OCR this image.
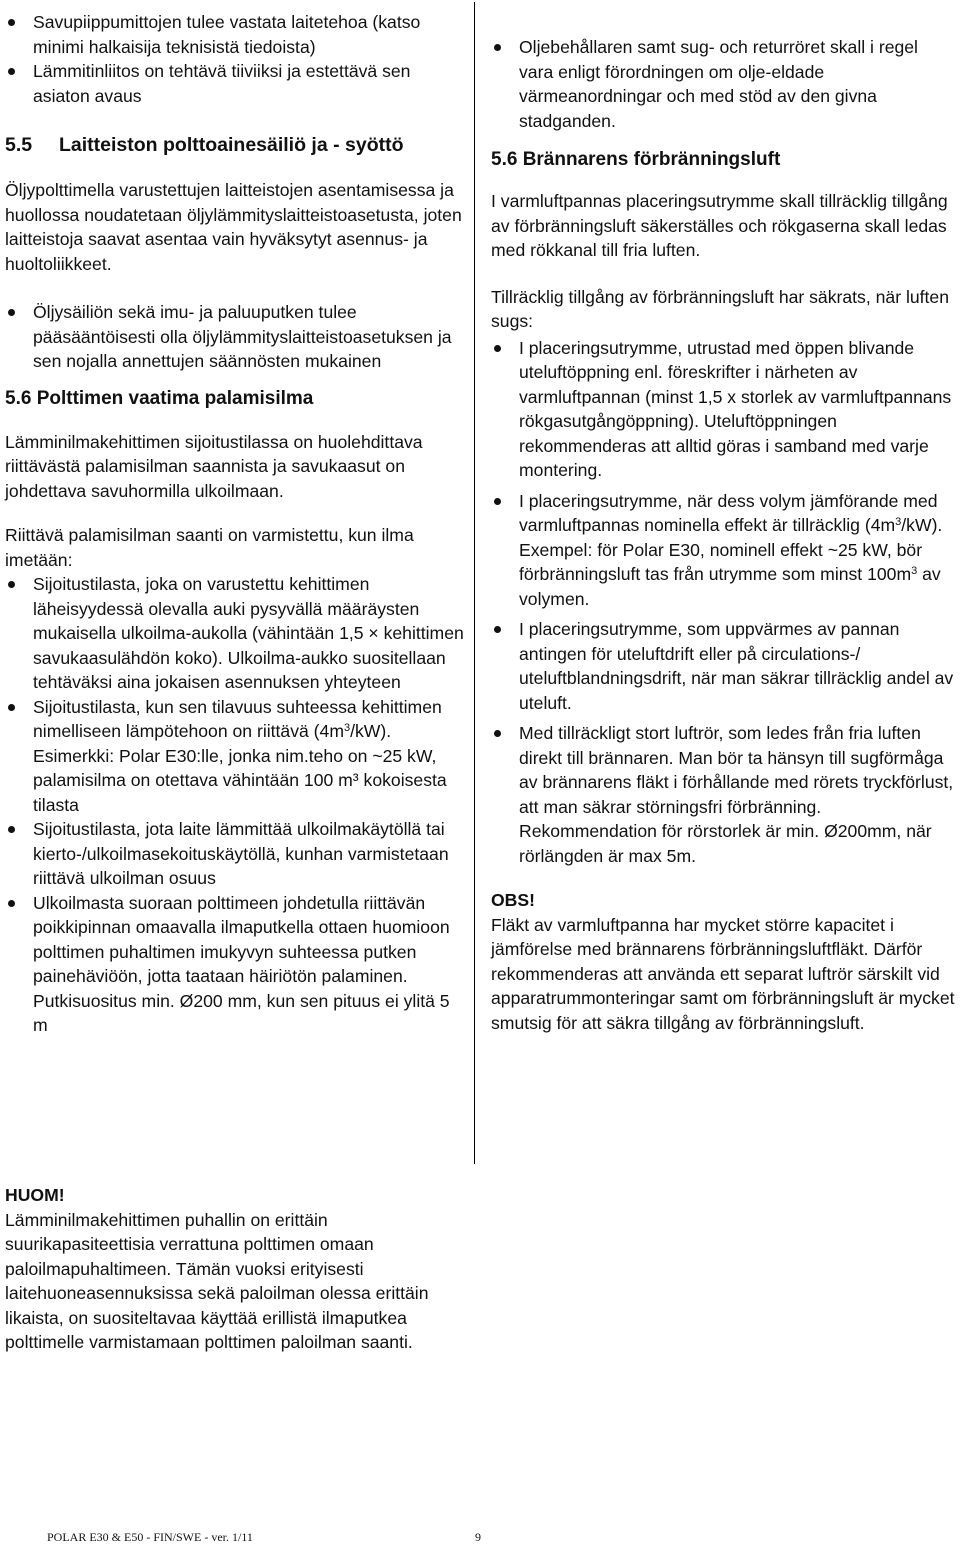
Savupiippumittojen tulee vastata laitetehoa (katso minimi halkaisija teknisistä tiedoista)
Lämmitinliitos on tehtävä tiiviiksi ja estettävä sen asiaton avaus
5.5	Laitteiston polttoainesäiliö ja - syöttö

Öljypolttimella varustettujen laitteistojen asentamisessa ja huollossa noudatetaan öljylämmityslaitteistoasetusta, joten laitteistoja saavat asentaa vain hyväksytyt asennus- ja huoltoliikkeet.

Öljysäiliön sekä imu- ja paluuputken tulee pääsääntöisesti olla öljylämmityslaitteistoasetuksen ja sen nojalla annettujen säännösten mukainen

5.6 Polttimen vaatima palamisilma

Lämminilmakehittimen sijoitustilassa on huolehdittava riittävästä palamisilman saannista ja savukaasut on johdettava savuhormilla ulkoilmaan.

Riittävä palamisilman saanti on varmistettu, kun ilma imetään:

Sijoitustilasta, joka on varustettu kehittimen läheisyydessä olevalla auki pysyvällä määräysten mukaisella ulkoilma-aukolla (vähintään 1,5 × kehittimen savukaasulähdön koko). Ulkoilma-aukko suositellaan tehtäväksi aina jokaisen asennuksen yhteyteen
Sijoitustilasta, kun sen tilavuus suhteessa kehittimen nimelliseen lämpötehoon on riittävä $(4m^3/kW)$. Esimerkki: Polar E30:lle, jonka nim.teho on ~25 kW, palamisilma on otettava vähintään 100 m³ kokoisesta tilasta
Sijoitustilasta, jota laite lämmittää ulkoilmakäytöllä tai kierto-/ulkoilmasekoituskäytöllä, kunhan varmistetaan riittävä ulkoilman osuus
Ulkoilmasta suoraan polttimeen johdetulla riittävän poikkipinnan omaavalla ilmaputkella ottaen huomioon polttimen puhaltimen imukyvyn suhteessa putken painehäviöön, jotta taataan häiriötön palaminen. Putkisuositus min. Ø200 mm, kun sen pituus ei ylitä 5 m

HUOM!

Lämminilmakehittimen puhallin on erittäin suurikapasiteettisia verrattuna polttimen omaan paloilmapuhaltimeen. Tämän vuoksi erityisesti laitehuoneasennuksissa sekä paloilman olessa erittäin likaista, on suositeltavaa käyttää erillistä ilmaputkea polttimelle varmistamaan polttimen paloilman saanti.

Oljebehållaren samt sug- och returröret skall i regel vara enligt förordningen om olje-eldade värmeanordningar och med stöd av den givna stadganden.

5.6 Brännarens förbränningsluft

I varmluftpannas placeringsutrymme skall tillräcklig tillgång av förbränningsluft säkerställes och rökgaserna skall ledas med rökkanal till fria luften.

Tillräcklig tillgång av förbränningsluft har säkrats, när luften sugs:

I placeringsutrymme, utrustad med öppen blivande uteluftöppning enl. föreskrifter i närheten av varmluftpannan (minst 1,5 x storlek av varmluftpannans rökgasutgångöppning). Uteluftöppningen rekommenderas att alltid göras i samband med varje montering.
I placeringsutrymme, när dess volym jämförande med varmluftpannas nominella effekt är tillräcklig $(4m^3/kW)$. Exempel: för Polar E30, nominell effekt ~25 kW, bör förbränningsluft tas från utrymme som minst $100m^3$ av volymen.
I placeringsutrymme, som uppvärmes av pannan antingen för uteluftdrift eller på circulations-/ uteluftblandningsdrift, när man säkrar tillräcklig andel av uteluft.
Med tillräckligt stort luftrör, som ledes från fria luften direkt till brännaren. Man bör ta hänsyn till sugförmåga av brännarens fläkt i förhållande med rörets tryckförlust, att man säkrar störningsfri förbränning. Rekommendation för rörstorlek är min. Ø200mm, när rörlängden är max 5m.

OBS!

Fläkt av varmluftpanna har mycket större kapacitet i jämförelse med brännarens förbränningsluftfläkt. Därför rekommenderas att använda ett separat luftrör särskilt vid apparatrummonteringar samt om förbränningsluft är mycket smutsig för att säkra tillgång av förbränningsluft.

POLAR E30 & E50 - FIN/SWE - ver. 1/11	9
